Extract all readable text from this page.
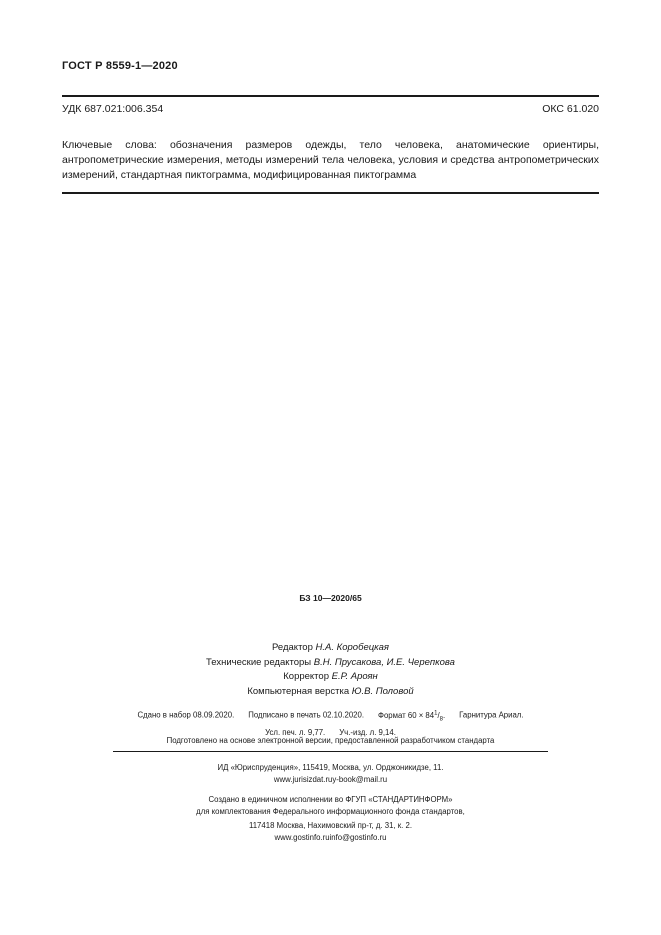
ГОСТ Р 8559-1—2020
УДК 687.021:006.354	ОКС 61.020
Ключевые слова: обозначения размеров одежды, тело человека, анатомические ориентиры, антропометрические измерения, методы измерений тела человека, условия и средства антропометрических измерений, стандартная пиктограмма, модифицированная пиктограмма
БЗ 10—2020/65
Редактор Н.А. Коробецкая
Технические редакторы В.Н. Прусакова, И.Е. Черепкова
Корректор Е.Р. Ароян
Компьютерная верстка Ю.В. Половой
Сдано в набор 08.09.2020. Подписано в печать 02.10.2020. Формат $60 \times 84^1/_8$. Гарнитура Ариал.
Усл. печ. л. 9,77. Уч.-изд. л. 9,14.
Подготовлено на основе электронной версии, предоставленной разработчиком стандарта
ИД «Юриспруденция», 115419, Москва, ул. Орджоникидзе, 11.
www.jurisizdat.ruy-book@mail.ru
Создано в единичном исполнении во ФГУП «СТАНДАРТИНФОРМ»
для комплектования Федерального информационного фонда стандартов,
117418 Москва, Нахимовский пр-т, д. 31, к. 2.
www.gostinfo.ruinfo@gostinfo.ru
